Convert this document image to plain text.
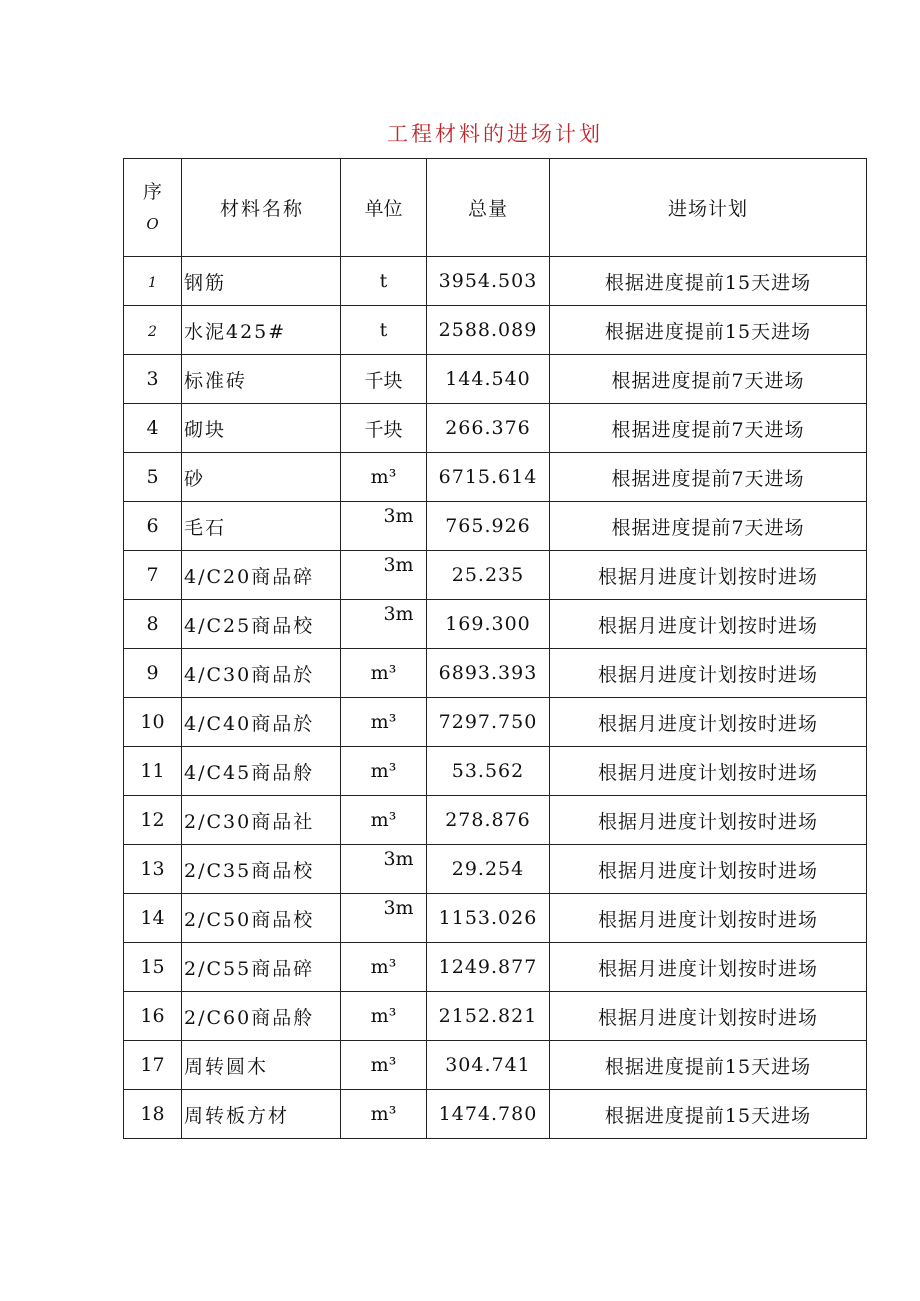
工程材料的进场计划
序
O	材料名称	单位	总量	进场计划
1	钢筋	t	3954.503	根据进度提前15天进场
2	水泥425#	t	2588.089	根据进度提前15天进场
3	标准砖	千块	144.540	根据进度提前7天进场
4	砌块	千块	266.376	根据进度提前7天进场
5	砂	m³	6715.614	根据进度提前7天进场
6	毛石	3m	765.926	根据进度提前7天进场
7	4/C20商品碎	3m	25.235	根据月进度计划按时进场
8	4/C25商品校	3m	169.300	根据月进度计划按时进场
9	4/C30商品於	m³	6893.393	根据月进度计划按时进场
10	4/C40商品於	m³	7297.750	根据月进度计划按时进场
11	4/C45商品舲	m³	53.562	根据月进度计划按时进场
12	2/C30商品社	m³	278.876	根据月进度计划按时进场
13	2/C35商品校	3m	29.254	根据月进度计划按时进场
14	2/C50商品校	3m	1153.026	根据月进度计划按时进场
15	2/C55商品碎	m³	1249.877	根据月进度计划按时进场
16	2/C60商品舲	m³	2152.821	根据月进度计划按时进场
17	周转圆木	m³	304.741	根据进度提前15天进场
18	周转板方材	m³	1474.780	根据进度提前15天进场
